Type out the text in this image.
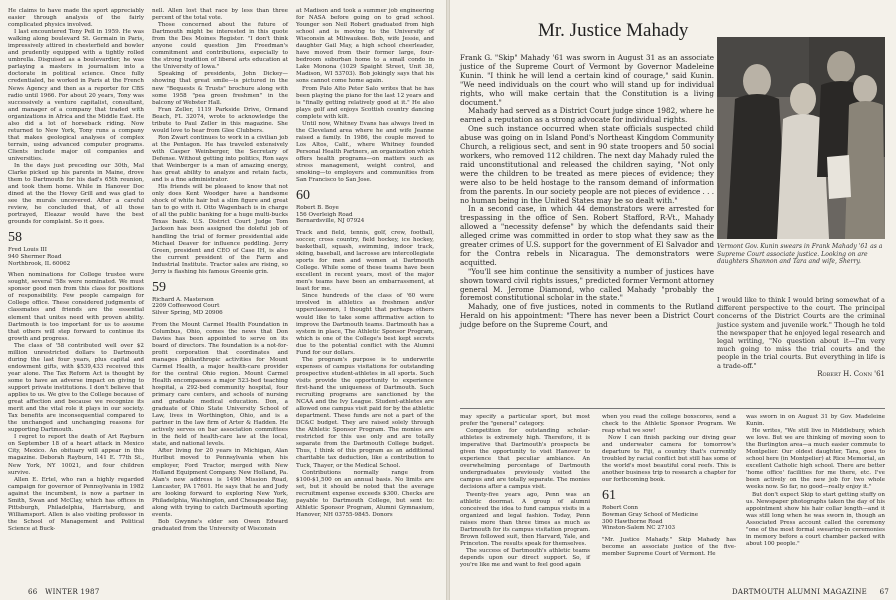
He claims to have made the sport appreciably easier through analysis of the fairly complicated physics involved.

I last encountered Tony Pell in 1959. He was walking along boulevard St. Germain in Paris, impressively attired in chesterfield and bowler and prudently equipped with a tightly rolled umbrella. Disguised as a boulevardier, he was parlaying a masters in journalism into a doctorate in political science. Once fully credentialed, he worked in Paris at the French News Agency and then as a reporter for CBS radio until 1966. For about 20 years, Tony was successively a venture capitalist, consultant, and manager of a company that traded with organizations in Africa and the Middle East. He also did a lot of horseback riding. Now returned to New York, Tony runs a company that makes geological analyses of complex terrain, using advanced computer programs. Clients include major oil companies and universities.

In the days just preceding our 30th, Mal Clarke picked up his parents in Maine, drove them to Dartmouth for his dad's 65th reunion, and took them home. While in Hanover Doc dined at the the Hovey Grill and was glad to see the murals uncovered. After a careful review, he concluded that, of all those portrayed, Eleazar would have the best grounds for complaint. So it goes.

58
Fred Louis III
940 Shermer Road
Northbrook, IL 60062

When nominations for College trustee were sought, several '58s were nominated. We must sponsor good men from this class for positions of responsibility. Few people campaign for College office. These considered judgments of classmates and friends are the essential element that unites need with proven ability. Dartmouth is too important for us to assume that others will step forward to continue its growth and progress.

The class of '58 contributed well over $2 million unrestricted dollars to Dartmouth during the last four years, plus capital and endowment gifts, with $539,433 received this year alone. The Tax Reform Act is thought by some to have an adverse impact on giving to support private institutions. I don't believe that applies to us. We give to the College because of great affection and because we recognize its merit and the vital role it plays in our society. Tax benefits are inconsequential compared to the unchanged and unchanging reasons for supporting Dartmouth.

I regret to report the death of Art Rayburn on September 18 of a heart attack in Mexico City, Mexico. An obituary will appear in this magazine. Deborah Rayburn, 141 E. 77th St., New York, NY 10021, and four children survive.

Allen E. Ertel, who ran a highly regarded campaign for governor of Pennsylvania in 1982 against the incumbent, is now a partner in Smith, Swan and McClay, which has offices in Pittsburgh, Philadelphia, Harrisburg, and Williamsport. Allen is also visiting professor in the School of Management and Political Science at Buck-

nell. Allen lost that race by less than three percent of the total vote.

Those concerned about the future of Dartmouth might be interested in this quote from the Des Moines Register. "I don't think anyone could question Jim Freedman's commitment and contributions, especially to the strong tradition of liberal arts education at the University of Iowa."

Speaking of presidents, John Dickey—showing that great smile—is pictured in the new "Bequests & Trusts" brochure along with some 1958 "pea green freshmen" in the balcony of Webster Hall.

Fran Zeller, 1119 Parkside Drive, Ormand Beach, FL 32074, wrote to acknowledge the tribute to Paul Zeller in this magazine. She would love to hear from Glee Clubbers.

Ron Zwart continues to work in a civilian job at the Pentagon. He has traveled extensively with Casper Weinberger, the Secretary of Defense. Without getting into politics, Ron says that Weinberger is a man of amazing energy, has great ability to analyze and retain facts, and is a fine administrator.

His friends will be pleased to know that not only does Kent Woodger have a handsome shock of white hair but a slim figure and great tan to go with it. Otto Wagenbach is in charge of all the public banking for a huge multi-bucks Texas bank. U.S. District Court Judge Tom Jackson has been assigned the doleful job of handling the trial of former presidential aide Michael Deaver for influence peddling. Jerry Green, president and CEO of Case IH, is also the current president of the Farm and Industrial Institute. Tractor sales are rising, so Jerry is flashing his famous Greenie grin.

59
Richard A. Masterson
2209 Coffeewood Court
Silver Spring, MD 20906

From the Mount Carmel Health Foundation in Columbus, Ohio, comes the news that Don Davies has been appointed to serve on its board of directors. The foundation is a not-for-profit corporation that coordinates and manages philanthropic activities for Mount Carmel Health, a major health-care provider for the central Ohio region. Mount Carmel Health encompasses a major 523-bed teaching hospital, a 292-bed community hospital, four primary care centers, and schools of nursing and graduate medical education. Don, a graduate of Ohio State University School of Law, lives in Worthington, Ohio, and is a partner in the law firm of Arter & Hadden. He actively serves on bar association committees in the field of health-care law at the local, state, and national levels.

After living for 20 years in Michigan, Alan Hurlbut moved to Pennsylvania when his employer, Ford Tractor, merged with New Holland Equipment Company. New Holland, Pa. Alan's new address is 1490 Mission Road, Lancaster, PA 17601. He says that he and Judy are looking forward to exploring New York, Philadelphia, Washington, and Chesapeake Bay, along with trying to catch Dartmouth sporting events.

Bob Gwynne's elder son Owen Edward graduated from the University of Wisconsin

at Madison and took a summer job engineering for NASA before going on to grad school. Younger son Neil Robert graduated from high school and is moving to the University of Wisconsin at Milwaukee. Bob, wife Jessie, and daughter Gail May, a high school cheerleader, have moved from their former large, four-bedroom suburban home to a small condo in Lake Monona (1029 Spaight Street, Unit 38, Madison, WI 53703). Bob jokingly says that his sons cannot come home again.

From Palo Alto Peter Salo writes that he has been playing the piano for the last 12 years and is "finally getting relatively good at it." He also plays golf and enjoys Scottish country dancing complete with kilt.

Until now, Whitney Evans has always lived in the Cleveland area where he and wife Jeanne raised a family. In 1986, the couple moved to Los Altos, Calif., where Whitney founded Personal Health Partners, an organization which offers health programs—on matters such as stress management, weight control, and smoking—to employers and communities from San Francisco to San Jose.

60
Robert B. Boye
156 Overleigh Road
Bernardsville, NJ 07924

Track and field, tennis, golf, crew, football, soccer, cross country, field hockey, ice hockey, basketball, squash, swimming, indoor track, skiing, baseball, and lacrosse are intercollegiate sports for men and women at Dartmouth College. While some of these teams have been excellent in recent years, most of the major men's teams have been an embarrassment, at least for me.

Since hundreds of the class of '60 were involved in athletics as freshmen and/or upperclassmen, I thought that perhaps others would like to take some affirmative action to improve the Dartmouth teams. Dartmouth has a system in place, The Athletic Sponsor Program, which is one of the College's best kept secrets due to the potential conflict with the Alumni Fund for our dollars.

The program's purpose is to underwrite expenses of campus visitations for outstanding prospective student-athletes in all sports. Such visits provide the opportunity to experience first-hand the uniqueness of Dartmouth. Such recruiting programs are sanctioned by the NCAA and the Ivy League. Student-athletes are allowed one campus visit paid for by the athletic department. These funds are not a part of the DC&C budget. They are raised solely through the Athletic Sponsor Program. The monies are restricted for this use only and are totally separate from the Dartmouth College budget. Thus, I think of this program as an additional charitable tax deduction, like a contribution to Tuck, Thayer, or the Medical School.

Contributions normally range from $100-$1,500 on an annual basis. No limits are set, but it should be noted that the average recruitment expense exceeds $300. Checks are payable to Dartmouth College, but sent to: Athletic Sponsor Program, Alumni Gymnasium, Hanover, NH 03755-9845. Donors

66 WINTER 1987
Mr. Justice Mahady

Frank G. "Skip" Mahady '61 was sworn in August 31 as an associate justice of the Supreme Court of Vermont by Governor Madeleine Kunin. "I think he will lend a certain kind of courage," said Kunin. "We need individuals on the court who will stand up for individual rights, who will make certain that the Constitution is a living document."

Mahady had served as a District Court judge since 1982, where he earned a reputation as a strong advocate for individual rights.

One such instance occurred when state officials suspected child abuse was going on in Island Pond's Northeast Kingdom Community Church, a religious sect, and sent in 90 state troopers and 50 social workers, who removed 112 children. The next day Mahady ruled the raid unconstitutional and released the children saying, "Not only were the children to be treated as mere pieces of evidence; they were also to be held hostage to the ransom demand of information from the parents. In our society people are not pieces of evidence . . . no human being in the United States may be so dealt with."

In a second case, in which 44 demonstrators were arrested for trespassing in the office of Sen. Robert Stafford, R-Vt., Mahady allowed a "necessity defense" by which the defendants said their alleged crime was committed in order to stop what they saw as the greater crimes of U.S. support for the government of El Salvador and for the Contra rebels in Nicaragua. The demonstrators were acquitted.

"You'll see him continue the sensitivity a number of justices have shown toward civil rights issues," predicted former Vermont attorney general M. Jerome Diamond, who called Mahady "probably the foremost constitutional scholar in the state."

Mahady, one of five justices, noted in comments to the Rutland Herald on his appointment: "There has never been a District Court judge before on the Supreme Court, and

Vermont Gov. Kunin swears in Frank Mahady '61 as a Supreme Court associate justice. Looking on are daughters Shannon and Tara and wife, Sherry.

I would like to think I would bring somewhat of a different perspective to the court. The principal concerns of the District Courts are the criminal justice system and juvenile work." Though he told the newspaper that he enjoyed legal research and legal writing, "No question about it—I'm very much going to miss the trial courts and the people in the trial courts. But everything in life is a trade-off."

Robert H. Conn '61

may specify a particular sport, but most prefer the "general" category.

Competition for outstanding scholar-athletes is extremely high. Therefore, it is imperative that Dartmouth's prospects be given the opportunity to visit Hanover to experience that peculiar ambiance. An overwhelming percentage of Dartmouth undergraduates previously visited the campus and are totally separate. The monies decisions after a campus visit.

Twenty-five years ago, Penn was an athletic doormat. A group of alumni conceived the idea to fund campus visits in a organized and legal fashion. Today, Penn raises more than three times as much as Dartmouth for its campus visitation program. Brown followed suit, then Harvard, Yale, and Princeton. The results speak for themselves.

The success of Dartmouth's athletic teams depends upon our direct support. So, if you're like me and want to feel good again

when you read the college boxscores, send a check to the Athletic Sponsor Program. We reap what we sow!

Now I can finish packing our diving gear and underwater camera for tomorrow's departure to Fiji, a country that's currently troubled by racial conflict but still has some of the world's most beautiful coral reefs. This is another business trip to research a chapter for our forthcoming book.

61
Robert Conn
Bowman Gray School of Medicine
300 Hawthorne Road
Winston-Salem NC 27103

"Mr. Justice Mahady." Skip Mahady has become an associate justice of the five-member Supreme Court of Vermont. He

was sworn in on August 31 by Gov. Madeleine Kunin.

He writes, "We still live in Middlebury, which we love. But we are thinking of moving soon to the Burlington area—a much easier commute to Montpelier. Our oldest daughter, Tara, goes to school here (in Montpelier) at Rice Memorial, an excellent Catholic high school. There are better 'home office' facilities for me there, etc. I've been actively on the new job for two whole weeks now. So far, no good—really enjoy it."

But don't expect Skip to start getting stuffy on us. Newspaper photographs taken the day of his appointment show his hair collar length—and it was still long when he was sworn in, though an Associated Press account called the ceremony "one of the most formal swearing-in ceremonies in memory before a court chamber packed with about 100 people."

DARTMOUTH ALUMNI MAGAZINE 67
